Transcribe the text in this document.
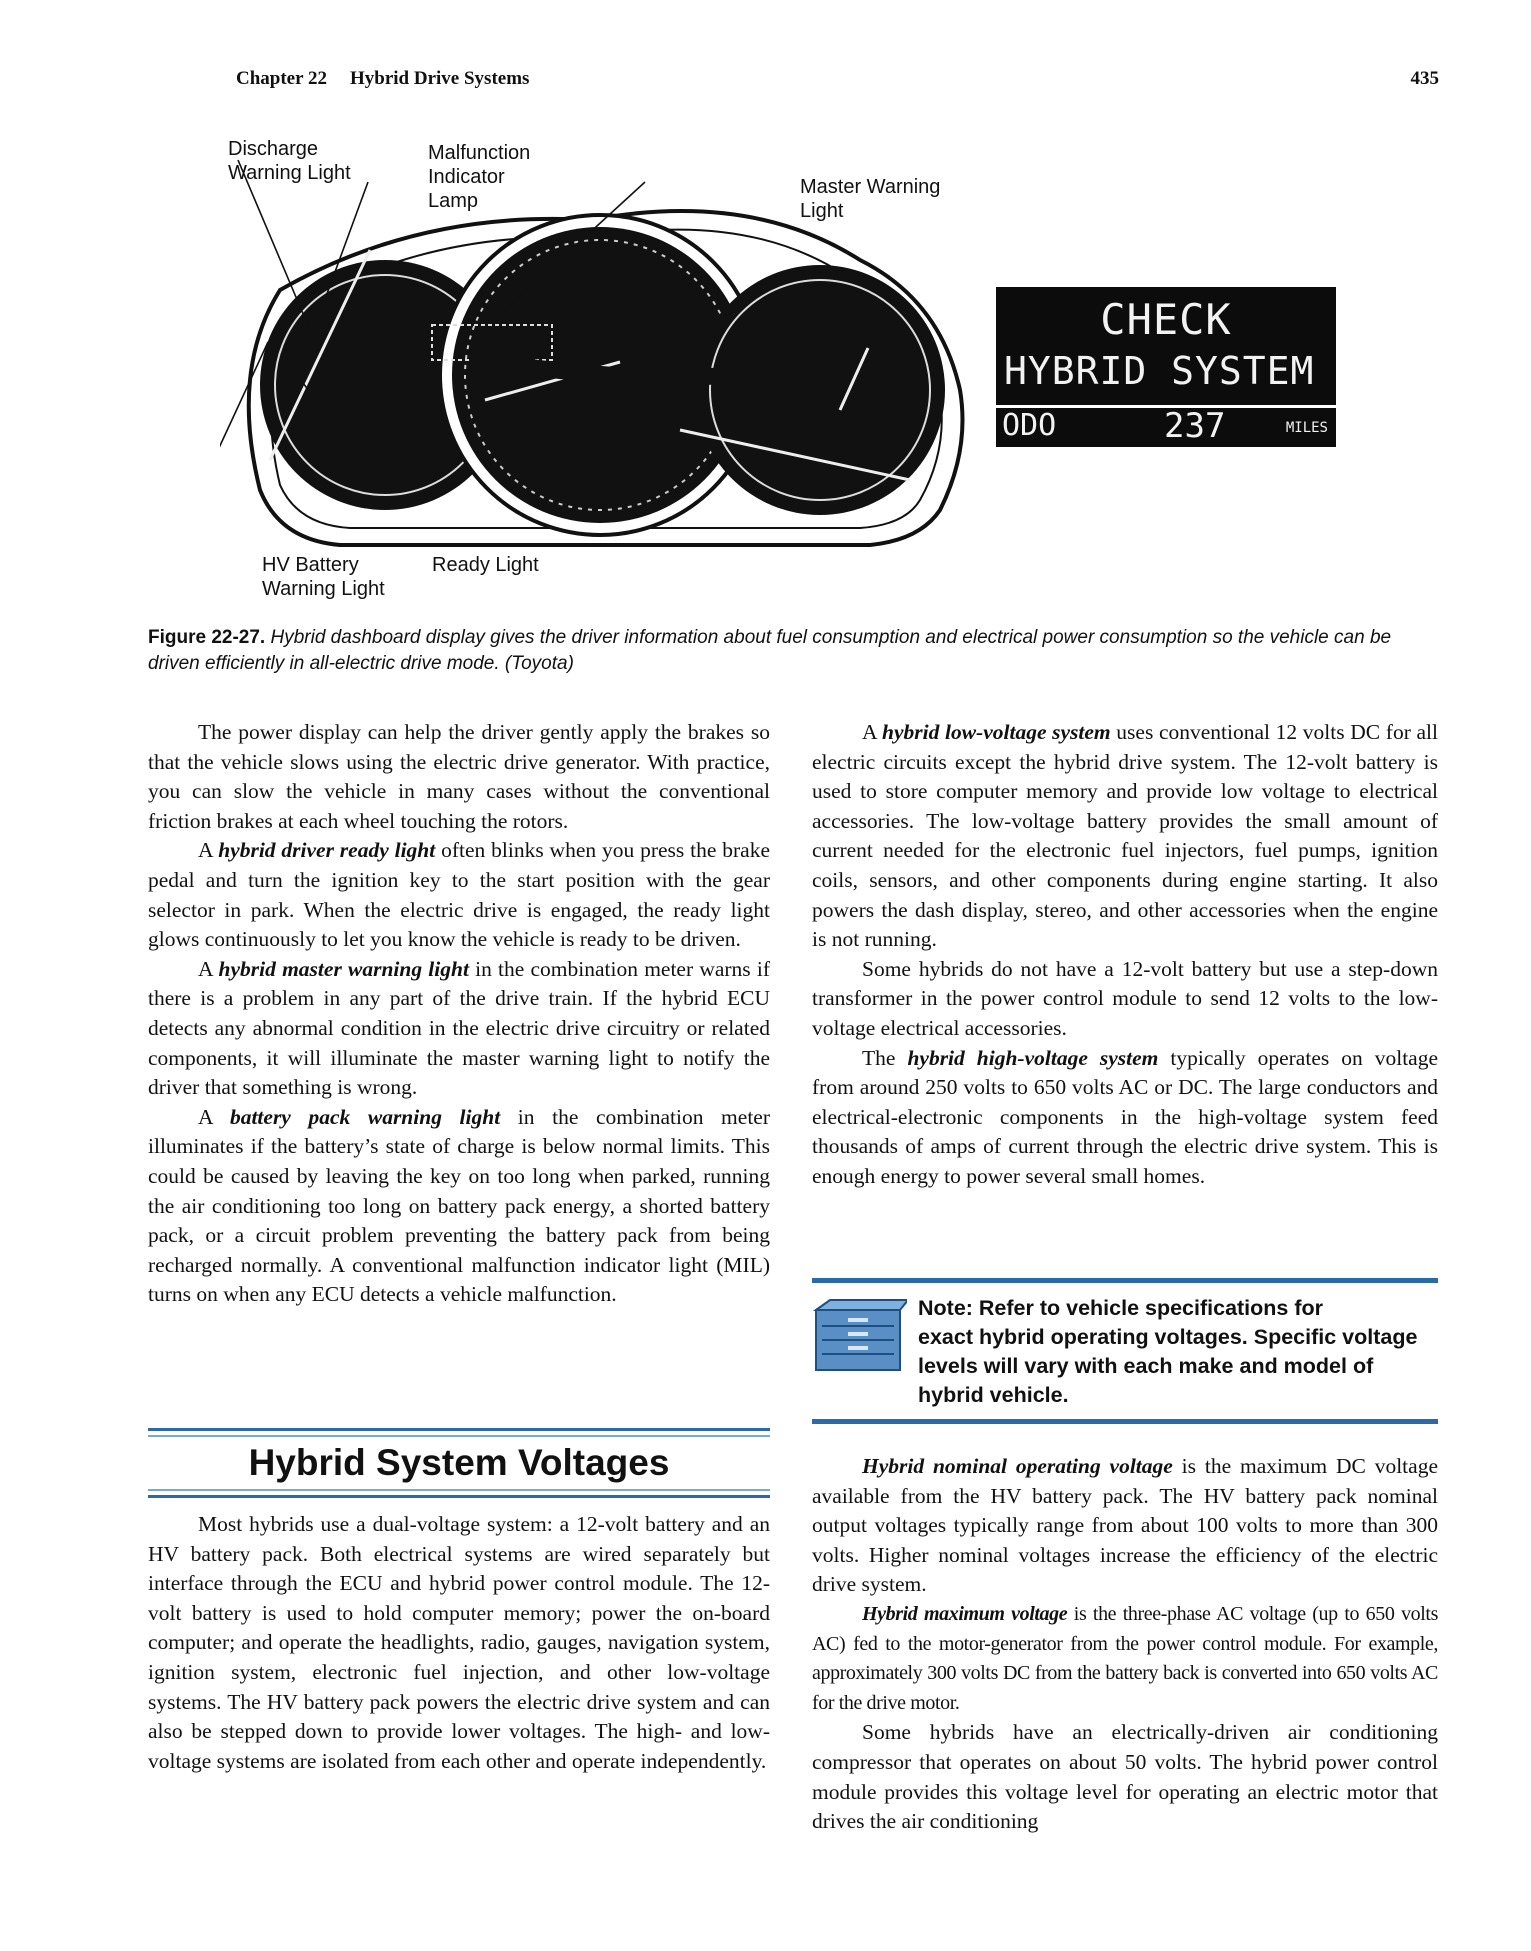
Chapter 22 Hybrid Drive Systems	435
Discharge
Warning Light
Malfunction
Indicator
Lamp
Master Warning
Light
HV Battery
Warning Light
Ready Light
CHECK
HYBRID SYSTEM
ODO	237	MILES
Figure 22-27. Hybrid dashboard display gives the driver information about fuel consumption and electrical power consumption so the vehicle can be driven efficiently in all-electric drive mode. (Toyota)

The power display can help the driver gently apply the brakes so that the vehicle slows using the electric drive generator. With practice, you can slow the vehicle in many cases without the conventional friction brakes at each wheel touching the rotors.

A hybrid driver ready light often blinks when you press the brake pedal and turn the ignition key to the start position with the gear selector in park. When the electric drive is engaged, the ready light glows continuously to let you know the vehicle is ready to be driven.

A hybrid master warning light in the combination meter warns if there is a problem in any part of the drive train. If the hybrid ECU detects any abnormal condition in the electric drive circuitry or related components, it will illuminate the master warning light to notify the driver that something is wrong.

A battery pack warning light in the combination meter illuminates if the battery’s state of charge is below normal limits. This could be caused by leaving the key on too long when parked, running the air conditioning too long on battery pack energy, a shorted battery pack, or a circuit problem preventing the battery pack from being recharged normally. A conventional malfunction indicator light (MIL) turns on when any ECU detects a vehicle malfunction.

Hybrid System Voltages

Most hybrids use a dual-voltage system: a 12-volt battery and an HV battery pack. Both electrical systems are wired separately but interface through the ECU and hybrid power control module. The 12-volt battery is used to hold computer memory; power the on-board computer; and operate the headlights, radio, gauges, navigation system, ignition system, electronic fuel injection, and other low-voltage systems. The HV battery pack powers the electric drive system and can also be stepped down to provide lower voltages. The high- and low-voltage systems are isolated from each other and operate independently.

A hybrid low-voltage system uses conventional 12 volts DC for all electric circuits except the hybrid drive system. The 12-volt battery is used to store computer memory and provide low voltage to electrical accessories. The low-voltage battery provides the small amount of current needed for the electronic fuel injectors, fuel pumps, ignition coils, sensors, and other components during engine starting. It also powers the dash display, stereo, and other accessories when the engine is not running.

Some hybrids do not have a 12-volt battery but use a step-down transformer in the power control module to send 12 volts to the low-voltage electrical accessories.

The hybrid high-voltage system typically operates on voltage from around 250 volts to 650 volts AC or DC. The large conductors and electrical-electronic components in the high-voltage system feed thousands of amps of current through the electric drive system. This is enough energy to power several small homes.

Note: Refer to vehicle specifications for
exact hybrid operating voltages. Specific voltage levels will vary with each make and model of hybrid vehicle.

Hybrid nominal operating voltage is the maximum DC voltage available from the HV battery pack. The HV battery pack nominal output voltages typically range from about 100 volts to more than 300 volts. Higher nominal voltages increase the efficiency of the electric drive system.

Hybrid maximum voltage is the three-phase AC voltage (up to 650 volts AC) fed to the motor-generator from the power control module. For example, approximately 300 volts DC from the battery back is converted into 650 volts AC for the drive motor.

Some hybrids have an electrically-driven air conditioning compressor that operates on about 50 volts. The hybrid power control module provides this voltage level for operating an electric motor that drives the air conditioning
